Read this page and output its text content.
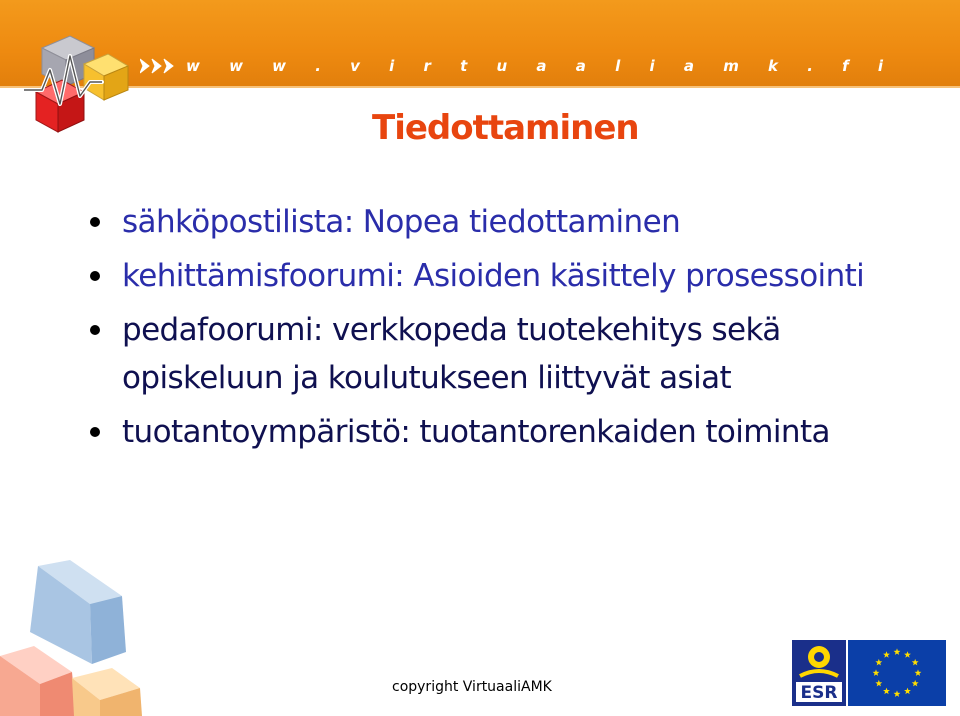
w w w . v i r t u a a l i a m k . f i
Tiedottaminen
sähköpostilista: Nopea tiedottaminen
kehittämisfoorumi: Asioiden käsittely prosessointi
pedafoorumi: verkkopeda tuotekehitys sekä opiskeluun ja koulutukseen liittyvät asiat
tuotantoympäristö: tuotantorenkaiden toiminta

copyright VirtuaaliAMK	ESR
